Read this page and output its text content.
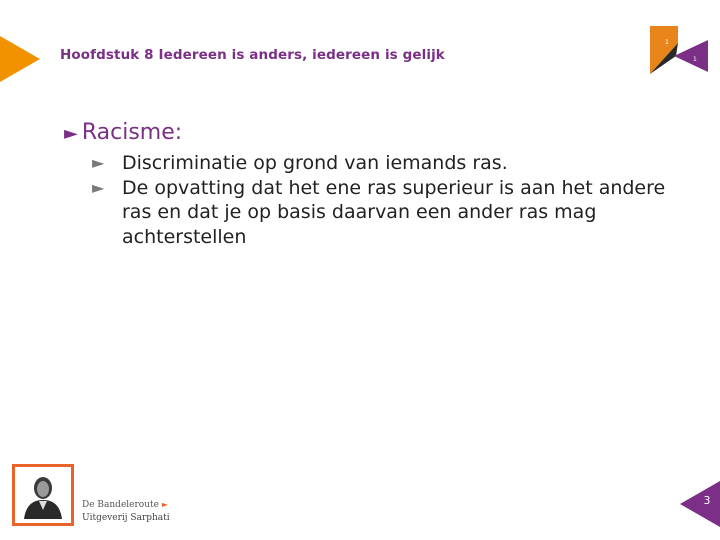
Hoofdstuk 8 Iedereen is anders, iedereen is gelijk
1
1
► Racisme:
► Discriminatie op grond van iemands ras.
► De opvatting dat het ene ras superieur is aan het andere ras en dat je op basis daarvan een ander ras mag achterstellen
De Bandeleroute ►
Uitgeverij Sarphati
3
